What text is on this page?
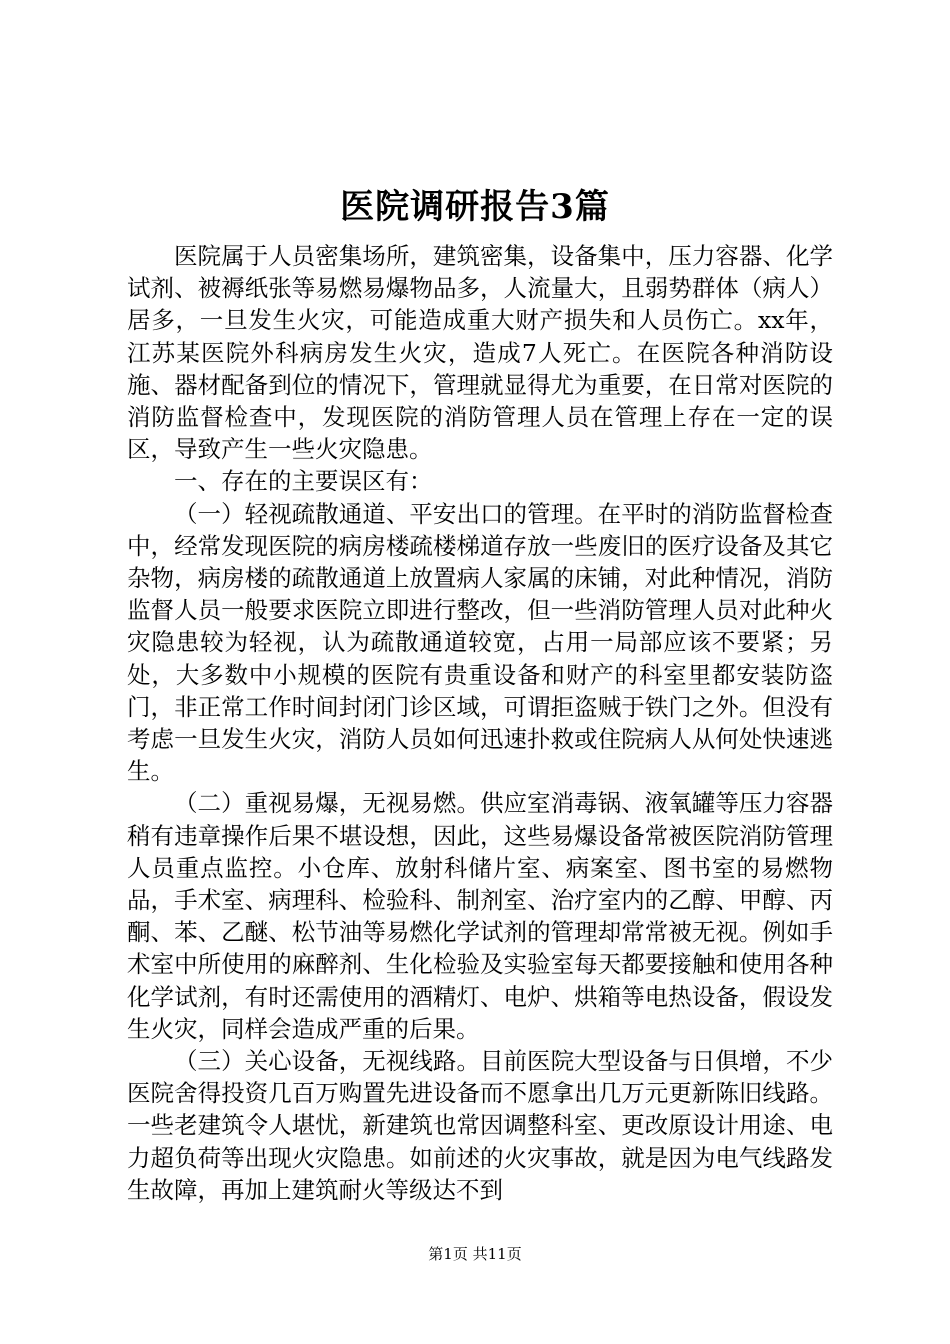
医院调研报告3篇

医院属于人员密集场所，建筑密集，设备集中，压力容器、化学试剂、被褥纸张等易燃易爆物品多，人流量大，且弱势群体（病人）居多，一旦发生火灾，可能造成重大财产损失和人员伤亡。xx年，江苏某医院外科病房发生火灾，造成7人死亡。在医院各种消防设施、器材配备到位的情况下，管理就显得尤为重要，在日常对医院的消防监督检查中，发现医院的消防管理人员在管理上存在一定的误区，导致产生一些火灾隐患。

一、存在的主要误区有：

（一）轻视疏散通道、平安出口的管理。在平时的消防监督检查中，经常发现医院的病房楼疏楼梯道存放一些废旧的医疗设备及其它杂物，病房楼的疏散通道上放置病人家属的床铺，对此种情况，消防监督人员一般要求医院立即进行整改，但一些消防管理人员对此种火灾隐患较为轻视，认为疏散通道较宽，占用一局部应该不要紧；另处，大多数中小规模的医院有贵重设备和财产的科室里都安装防盗门，非正常工作时间封闭门诊区域，可谓拒盗贼于铁门之外。但没有考虑一旦发生火灾，消防人员如何迅速扑救或住院病人从何处快速逃生。

（二）重视易爆，无视易燃。供应室消毒锅、液氧罐等压力容器稍有违章操作后果不堪设想，因此，这些易爆设备常被医院消防管理人员重点监控。小仓库、放射科储片室、病案室、图书室的易燃物品，手术室、病理科、检验科、制剂室、治疗室内的乙醇、甲醇、丙酮、苯、乙醚、松节油等易燃化学试剂的管理却常常被无视。例如手术室中所使用的麻醉剂、生化检验及实验室每天都要接触和使用各种化学试剂，有时还需使用的酒精灯、电炉、烘箱等电热设备，假设发生火灾，同样会造成严重的后果。

（三）关心设备，无视线路。目前医院大型设备与日俱增，不少医院舍得投资几百万购置先进设备而不愿拿出几万元更新陈旧线路。一些老建筑令人堪忧，新建筑也常因调整科室、更改原设计用途、电力超负荷等出现火灾隐患。如前述的火灾事故，就是因为电气线路发生故障，再加上建筑耐火等级达不到

第1页 共11页
